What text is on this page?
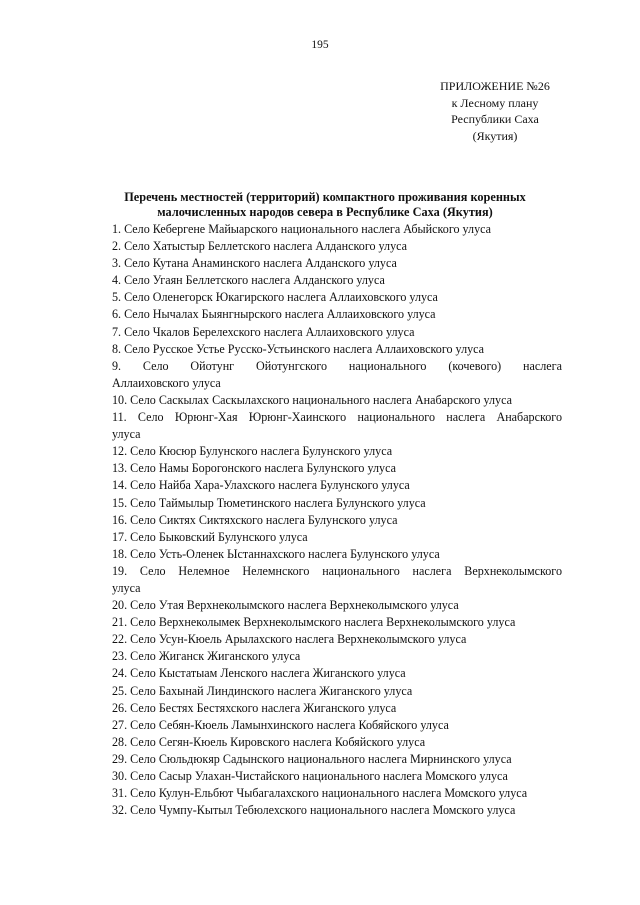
195
ПРИЛОЖЕНИЕ №26
к Лесному плану
Республики Саха
(Якутия)
Перечень местностей (территорий) компактного проживания коренных
малочисленных народов севера в Республике Саха (Якутия)
1. Село Кебергене Майыарского национального наслега Абыйского улуса
2. Село Хатыстыр Беллетского наслега Алданского улуса
3. Село Кутана Анаминского наслега Алданского улуса
4. Село Угаян Беллетского наслега Алданского улуса
5. Село Оленегорск Юкагирского наслега Аллаиховского улуса
6. Село Нычалах Быянгнырского наслега Аллаиховского улуса
7. Село Чкалов Берелехского наслега Аллаиховского улуса
8. Село Русское Устье Русско-Устьинского наслега Аллаиховского улуса
9. Село Ойотунг Ойотунгского национального (кочевого) наслега
Аллаиховского улуса
10. Село Саскылах Саскылахского национального наслега Анабарского улуса
11. Село Юрюнг-Хая Юрюнг-Хаинского национального наслега Анабарского
улуса
12. Село Кюсюр Булунского наслега Булунского улуса
13. Село Намы Борогонского наслега Булунского улуса
14. Село Найба Хара-Улахского наслега Булунского улуса
15. Село Таймылыр Тюметинского наслега Булунского улуса
16. Село Сиктях Сиктяхского наслега Булунского улуса
17. Село Быковский Булунского улуса
18. Село Усть-Оленек Ыстаннахского наслега Булунского улуса
19. Село Нелемное Нелемнского национального наслега Верхнеколымского
улуса
20. Село Утая Верхнеколымского наслега Верхнеколымского улуса
21. Село Верхнеколымек Верхнеколымского наслега Верхнеколымского улуса
22. Село Усун-Кюель Арылахского наслега Верхнеколымского улуса
23. Село Жиганск Жиганского улуса
24. Село Кыстатыам Ленского наслега Жиганского улуса
25. Село Бахынай Линдинского наслега Жиганского улуса
26. Село Бестях Бестяхского наслега Жиганского улуса
27. Село Себян-Кюель Ламынхинского наслега Кобяйского улуса
28. Село Сегян-Кюель Кировского наслега Кобяйского улуса
29. Село Сюльдюкяр Садынского национального наслега Мирнинского улуса
30. Село Сасыр Улахан-Чистайского национального наслега Момского улуса
31. Село Кулун-Ельбют Чыбагалахского национального наслега Момского улуса
32. Село Чумпу-Кытыл Тебюлехского национального наслега Момского улуса
